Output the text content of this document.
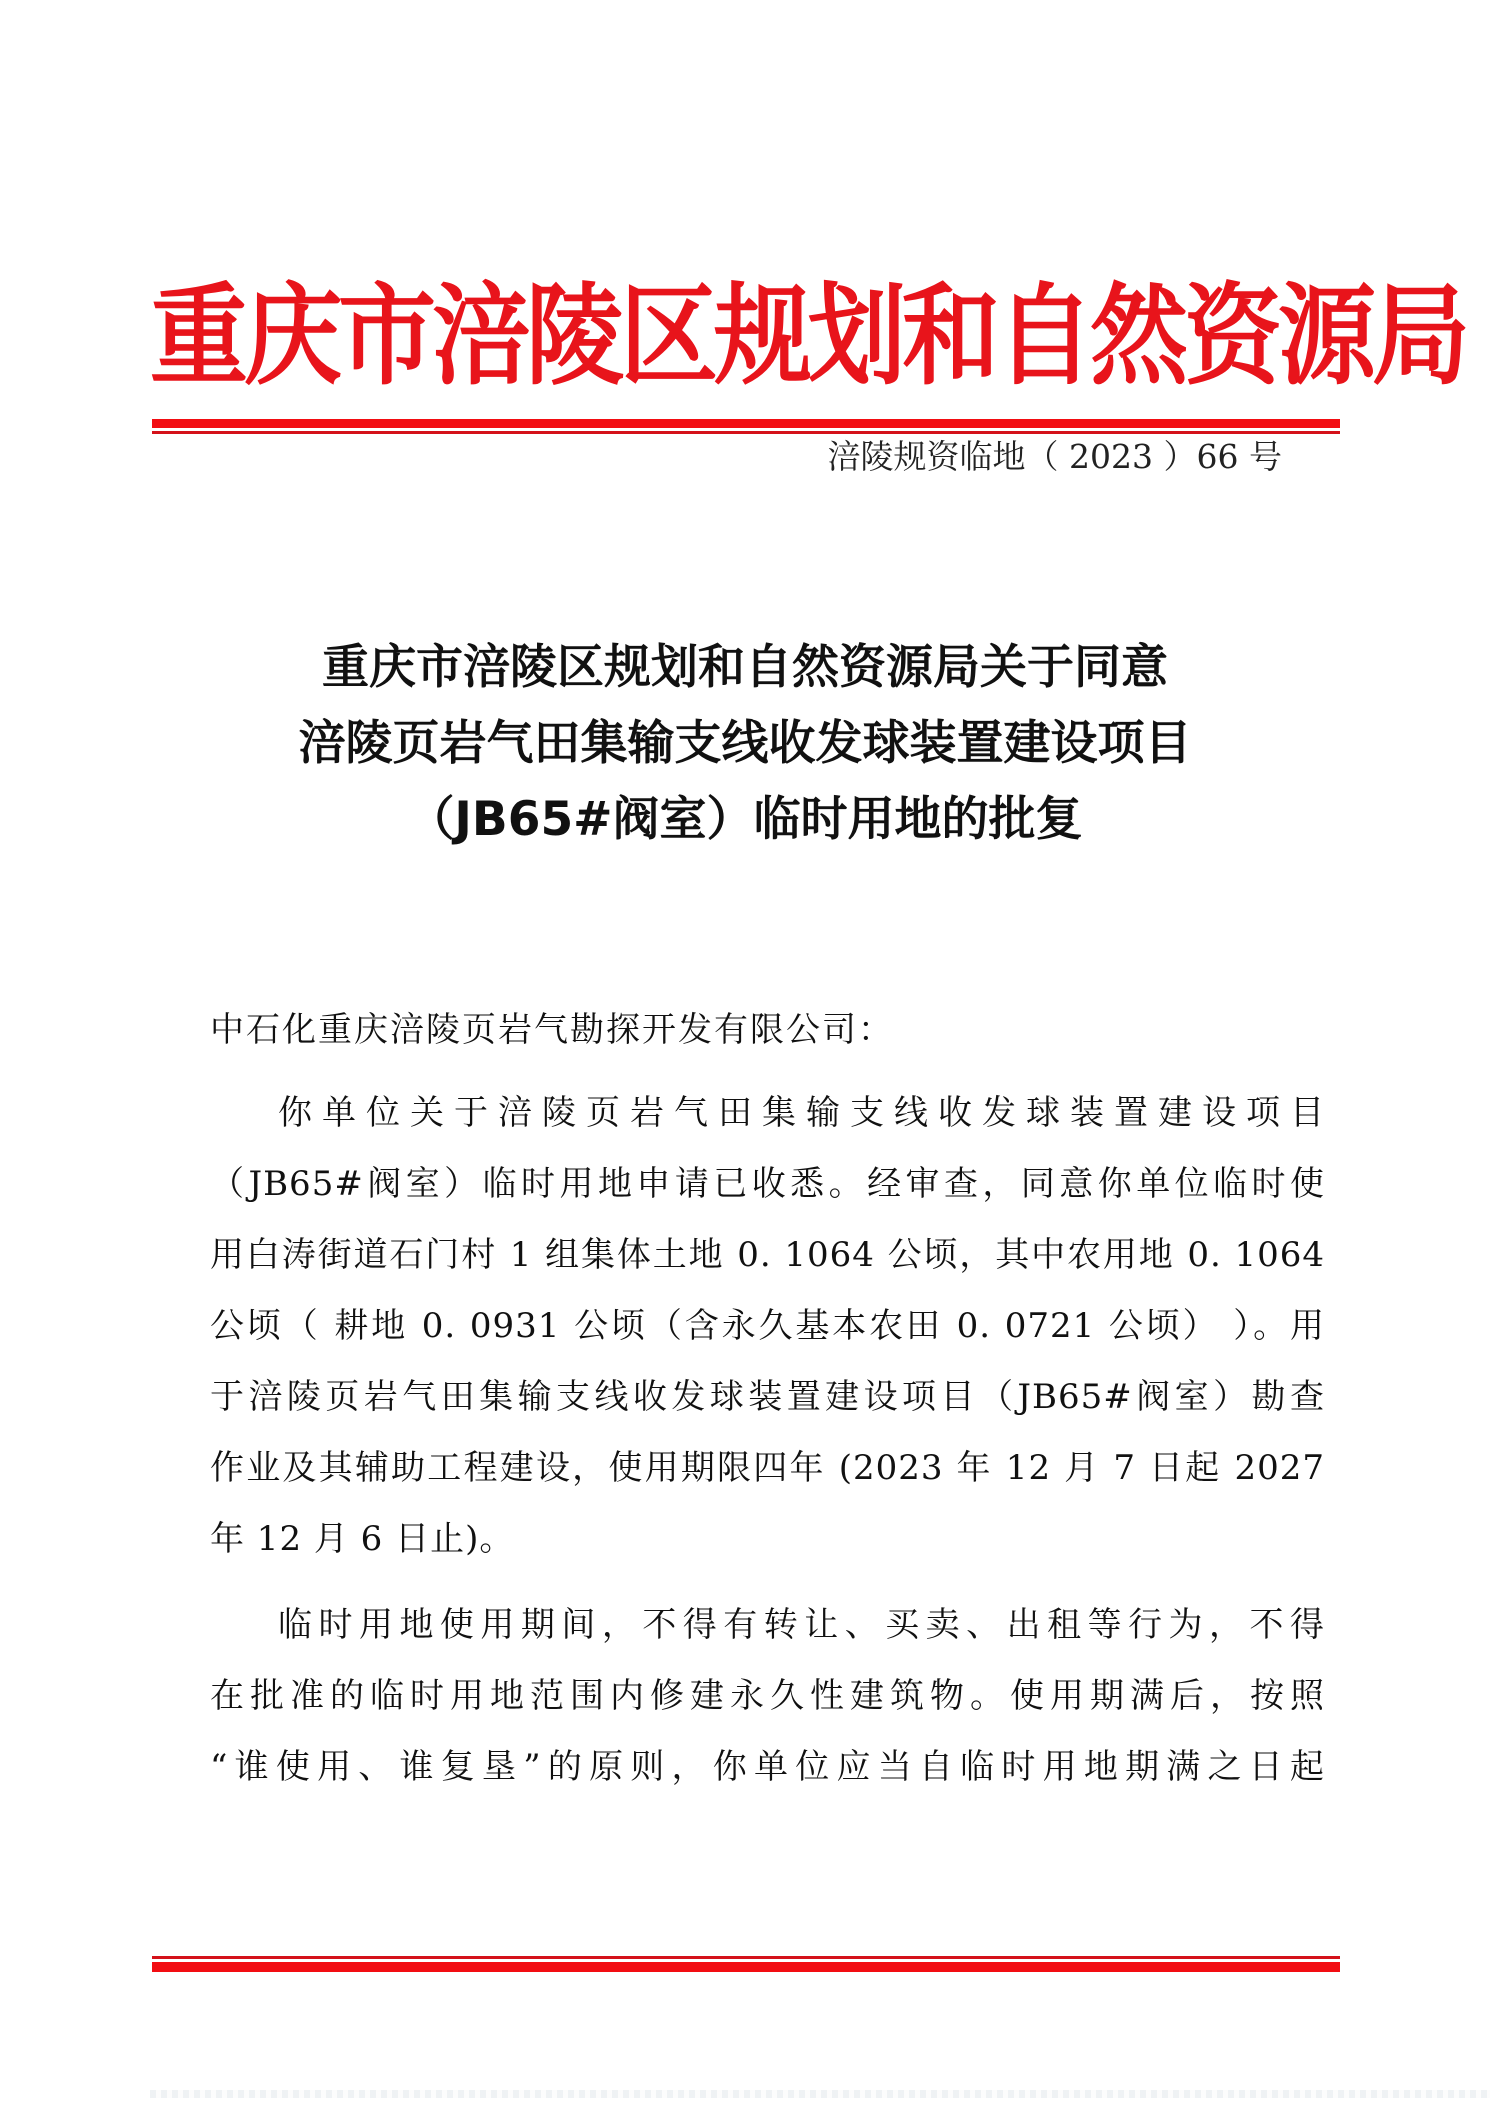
重庆市涪陵区规划和自然资源局
涪陵规资临地（ 2023 ）66 号
重庆市涪陵区规划和自然资源局关于同意
涪陵页岩气田集输支线收发球装置建设项目
（JB65#阀室）临时用地的批复
中石化重庆涪陵页岩气勘探开发有限公司：
你单位关于涪陵页岩气田集输支线收发球装置建设项目
（JB65#阀室）临时用地申请已收悉。经审查，同意你单位临时使
用白涛街道石门村 1 组集体土地 0. 1064 公顷，其中农用地 0. 1064
公顷（ 耕地 0. 0931 公顷（含永久基本农田 0. 0721 公顷） ）。用
于涪陵页岩气田集输支线收发球装置建设项目（JB65#阀室）勘查
作业及其辅助工程建设，使用期限四年 (2023 年 12 月 7 日起 2027
年 12 月 6 日止)。
临时用地使用期间，不得有转让、买卖、出租等行为，不得
在批准的临时用地范围内修建永久性建筑物。使用期满后，按照
“谁使用、谁复垦”的原则，你单位应当自临时用地期满之日起
